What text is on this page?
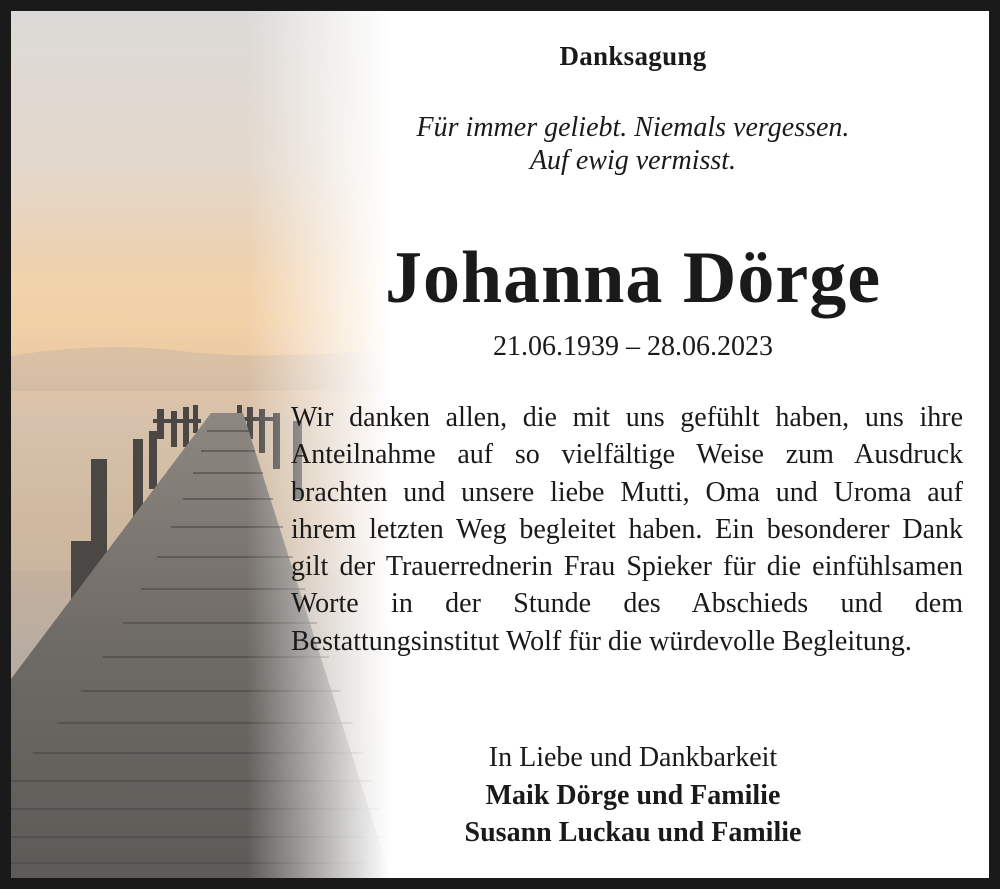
Danksagung
Für immer geliebt. Niemals vergessen.
Auf ewig vermisst.
Johanna Dörge
21.06.1939 – 28.06.2023
Wir danken allen, die mit uns gefühlt haben, uns ihre Anteilnahme auf so vielfältige Weise zum Ausdruck brachten und unsere liebe Mutti, Oma und Uroma auf ihrem letzten Weg begleitet haben. Ein besonderer Dank gilt der Trauerrednerin Frau Spieker für die einfühlsamen Worte in der Stunde des Abschieds und dem Bestattungsinstitut Wolf für die würdevolle Begleitung.
In Liebe und Dankbarkeit
Maik Dörge und Familie
Susann Luckau und Familie
